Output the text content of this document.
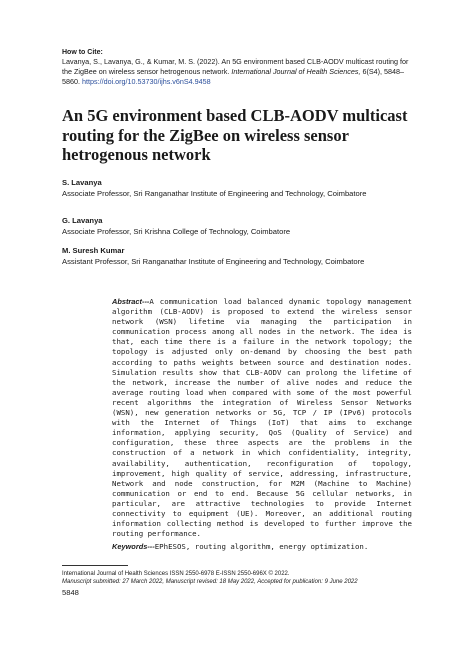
How to Cite:
Lavanya, S., Lavanya, G., & Kumar, M. S. (2022). An 5G environment based CLB-AODV multicast routing for the ZigBee on wireless sensor hetrogenous network. International Journal of Health Sciences, 6(S4), 5848–5860. https://doi.org/10.53730/ijhs.v6nS4.9458
An 5G environment based CLB-AODV multicast routing for the ZigBee on wireless sensor hetrogenous network
S. Lavanya
Associate Professor, Sri Ranganathar Institute of Engineering and Technology, Coimbatore
G. Lavanya
Associate Professor, Sri Krishna College of Technology, Coimbatore
M. Suresh Kumar
Assistant Professor, Sri Ranganathar Institute of Engineering and Technology, Coimbatore

Abstract---A communication load balanced dynamic topology management algorithm (CLB-AODV) is proposed to extend the wireless sensor network (WSN) lifetime via managing the participation in communication process among all nodes in the network. The idea is that, each time there is a failure in the network topology; the topology is adjusted only on-demand by choosing the best path according to paths weights between source and destination nodes. Simulation results show that CLB-AODV can prolong the lifetime of the network, increase the number of alive nodes and reduce the average routing load when compared with some of the most powerful recent algorithms the integration of Wireless Sensor Networks (WSN), new generation networks or 5G, TCP / IP (IPv6) protocols with the Internet of Things (IoT) that aims to exchange information, applying security, QoS (Quality of Service) and configuration, these three aspects are the problems in the construction of a network in which confidentiality, integrity, availability, authentication, reconfiguration of topology, improvement, high quality of service, addressing, infrastructure, Network and node construction, for M2M (Machine to Machine) communication or end to end. Because 5G cellular networks, in particular, are attractive technologies to provide Internet connectivity to equipment (UE). Moreover, an additional routing information collecting method is developed to further improve the routing performance.

Keywords---EPhESOS, routing algorithm, energy optimization.

International Journal of Health Sciences ISSN 2550-6978 E-ISSN 2550-696X © 2022.
Manuscript submitted: 27 March 2022, Manuscript revised: 18 May 2022, Accepted for publication: 9 June 2022
5848
